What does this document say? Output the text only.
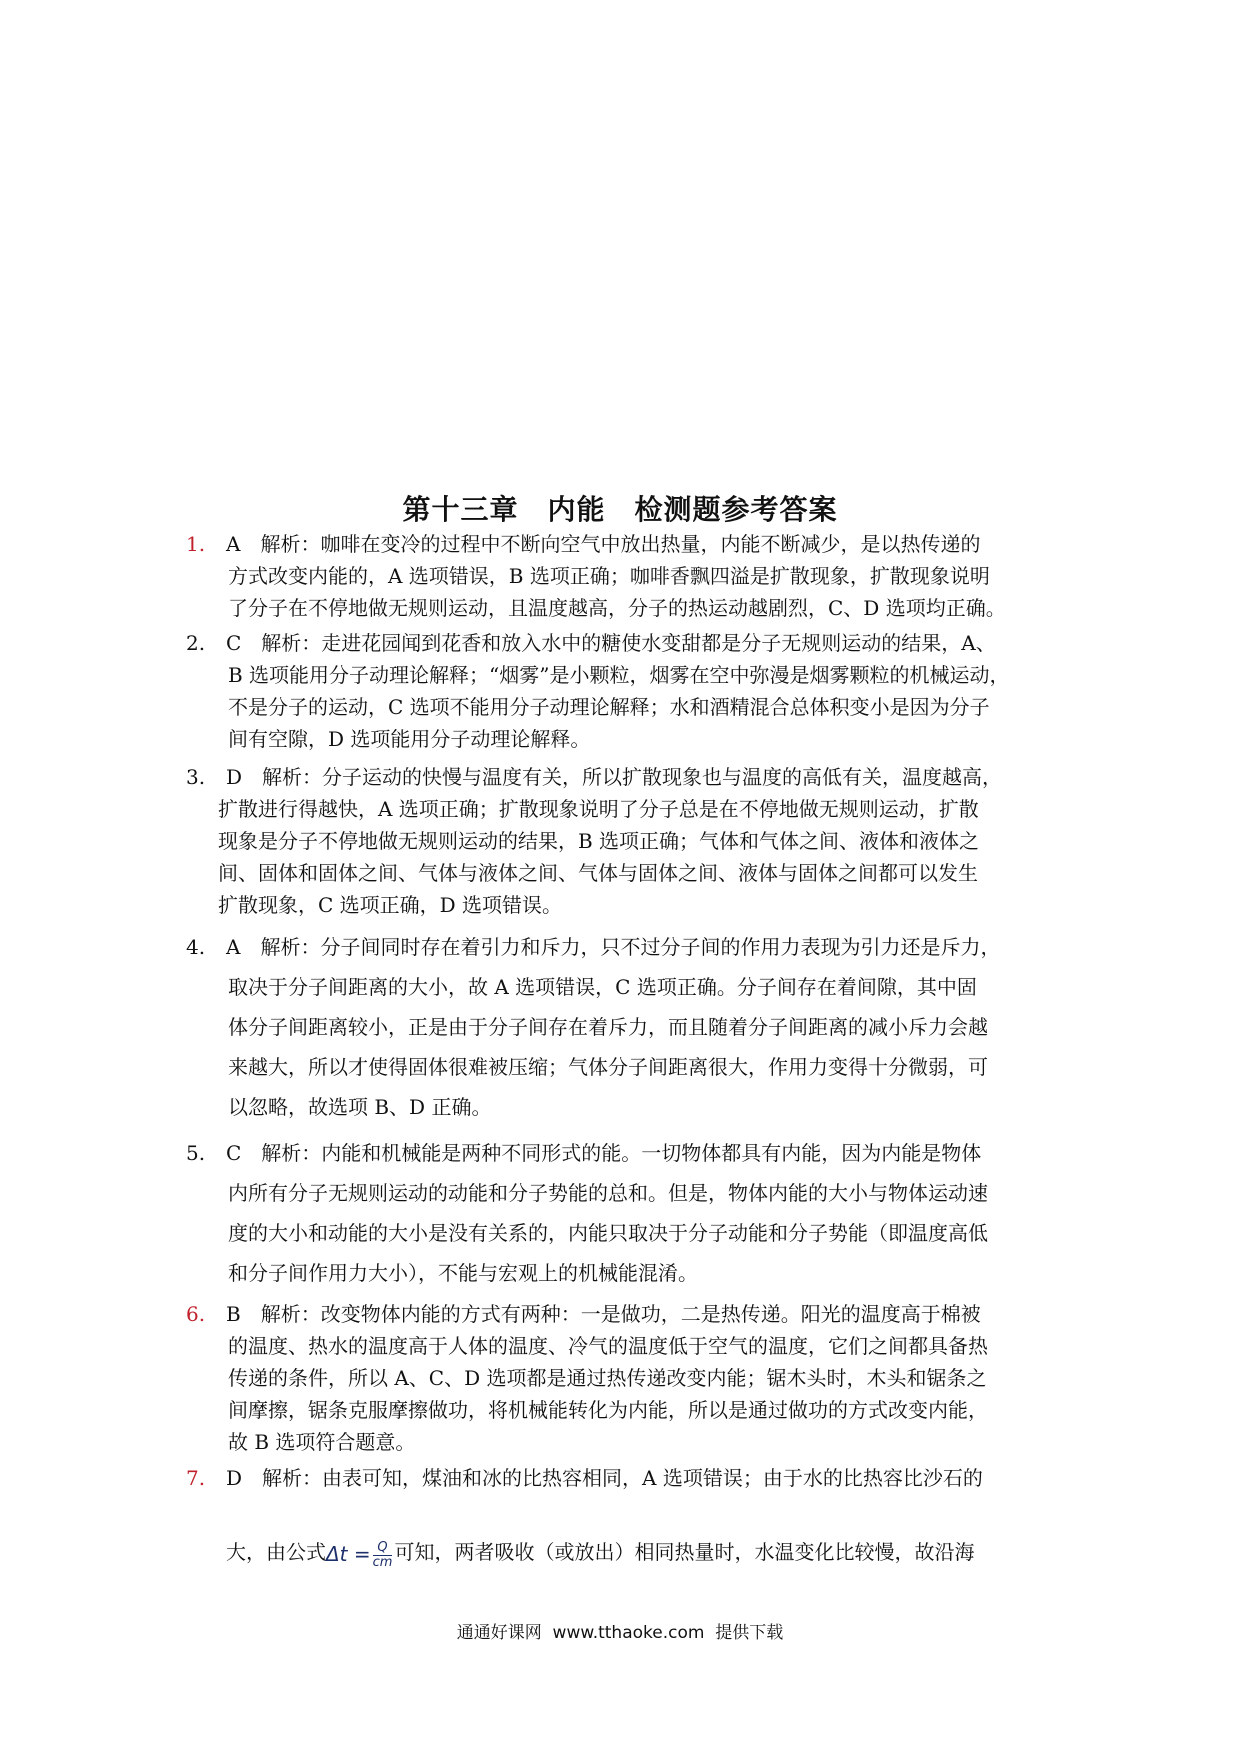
第十三章　内能　检测题参考答案
1.	A　解析：咖啡在变冷的过程中不断向空气中放出热量，内能不断减少，是以热传递的
方式改变内能的，A 选项错误，B 选项正确；咖啡香飘四溢是扩散现象，扩散现象说明
了分子在不停地做无规则运动，且温度越高，分子的热运动越剧烈，C、D 选项均正确。
2.	C　解析：走进花园闻到花香和放入水中的糖使水变甜都是分子无规则运动的结果，A、
B 选项能用分子动理论解释；“烟雾”是小颗粒，烟雾在空中弥漫是烟雾颗粒的机械运动，
不是分子的运动，C 选项不能用分子动理论解释；水和酒精混合总体积变小是因为分子
间有空隙，D 选项能用分子动理论解释。
3.	D　解析：分子运动的快慢与温度有关，所以扩散现象也与温度的高低有关，温度越高，
扩散进行得越快，A 选项正确；扩散现象说明了分子总是在不停地做无规则运动，扩散
现象是分子不停地做无规则运动的结果，B 选项正确；气体和气体之间、液体和液体之
间、固体和固体之间、气体与液体之间、气体与固体之间、液体与固体之间都可以发生
扩散现象，C 选项正确，D 选项错误。
4.	A　解析：分子间同时存在着引力和斥力，只不过分子间的作用力表现为引力还是斥力，
取决于分子间距离的大小，故 A 选项错误，C 选项正确。分子间存在着间隙，其中固
体分子间距离较小，正是由于分子间存在着斥力，而且随着分子间距离的减小斥力会越
来越大，所以才使得固体很难被压缩；气体分子间距离很大，作用力变得十分微弱，可
以忽略，故选项 B、D 正确。
5.	C　解析：内能和机械能是两种不同形式的能。一切物体都具有内能，因为内能是物体
内所有分子无规则运动的动能和分子势能的总和。但是，物体内能的大小与物体运动速
度的大小和动能的大小是没有关系的，内能只取决于分子动能和分子势能（即温度高低
和分子间作用力大小），不能与宏观上的机械能混淆。
6.	B　解析：改变物体内能的方式有两种：一是做功，二是热传递。阳光的温度高于棉被
的温度、热水的温度高于人体的温度、冷气的温度低于空气的温度，它们之间都具备热
传递的条件，所以 A、C、D 选项都是通过热传递改变内能；锯木头时，木头和锯条之
间摩擦，锯条克服摩擦做功，将机械能转化为内能，所以是通过做功的方式改变内能，
故 B 选项符合题意。
7.	D　解析：由表可知，煤油和冰的比热容相同，A 选项错误；由于水的比热容比沙石的
大，由公式$\Delta t = \frac{Q}{cm}$ 可知，两者吸收（或放出）相同热量时，水温变化比较慢，故沿海
通通好课网  www.tthaoke.com  提供下载
